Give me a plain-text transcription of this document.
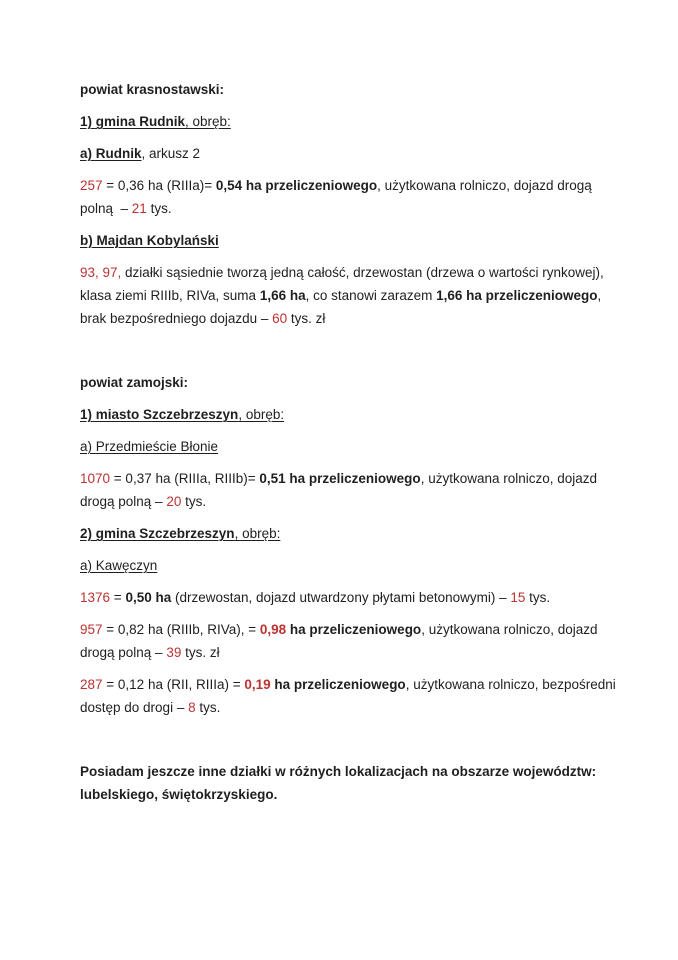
powiat krasnostawski:

1) gmina Rudnik, obręb:

a) Rudnik, arkusz 2

257 = 0,36 ha (RIIIa)= 0,54 ha przeliczeniowego, użytkowana rolniczo, dojazd drogą polną  – 21 tys.

b) Majdan Kobylański

93, 97, działki sąsiednie tworzą jedną całość, drzewostan (drzewa o wartości rynkowej), klasa ziemi RIIIb, RIVa, suma 1,66 ha, co stanowi zarazem 1,66 ha przeliczeniowego, brak bezpośredniego dojazdu – 60 tys. zł

powiat zamojski:

1) miasto Szczebrzeszyn, obręb:

a) Przedmieście Błonie

1070 = 0,37 ha (RIIIa, RIIIb)= 0,51 ha przeliczeniowego, użytkowana rolniczo, dojazd drogą polną – 20 tys.

2) gmina Szczebrzeszyn, obręb:

a) Kawęczyn

1376 = 0,50 ha (drzewostan, dojazd utwardzony płytami betonowymi) – 15 tys.

957 = 0,82 ha (RIIIb, RIVa), = 0,98 ha przeliczeniowego, użytkowana rolniczo, dojazd drogą polną – 39 tys. zł

287 = 0,12 ha (RII, RIIIa) = 0,19 ha przeliczeniowego, użytkowana rolniczo, bezpośredni dostęp do drogi – 8 tys.

Posiadam jeszcze inne działki w różnych lokalizacjach na obszarze województw: lubelskiego, świętokrzyskiego.
